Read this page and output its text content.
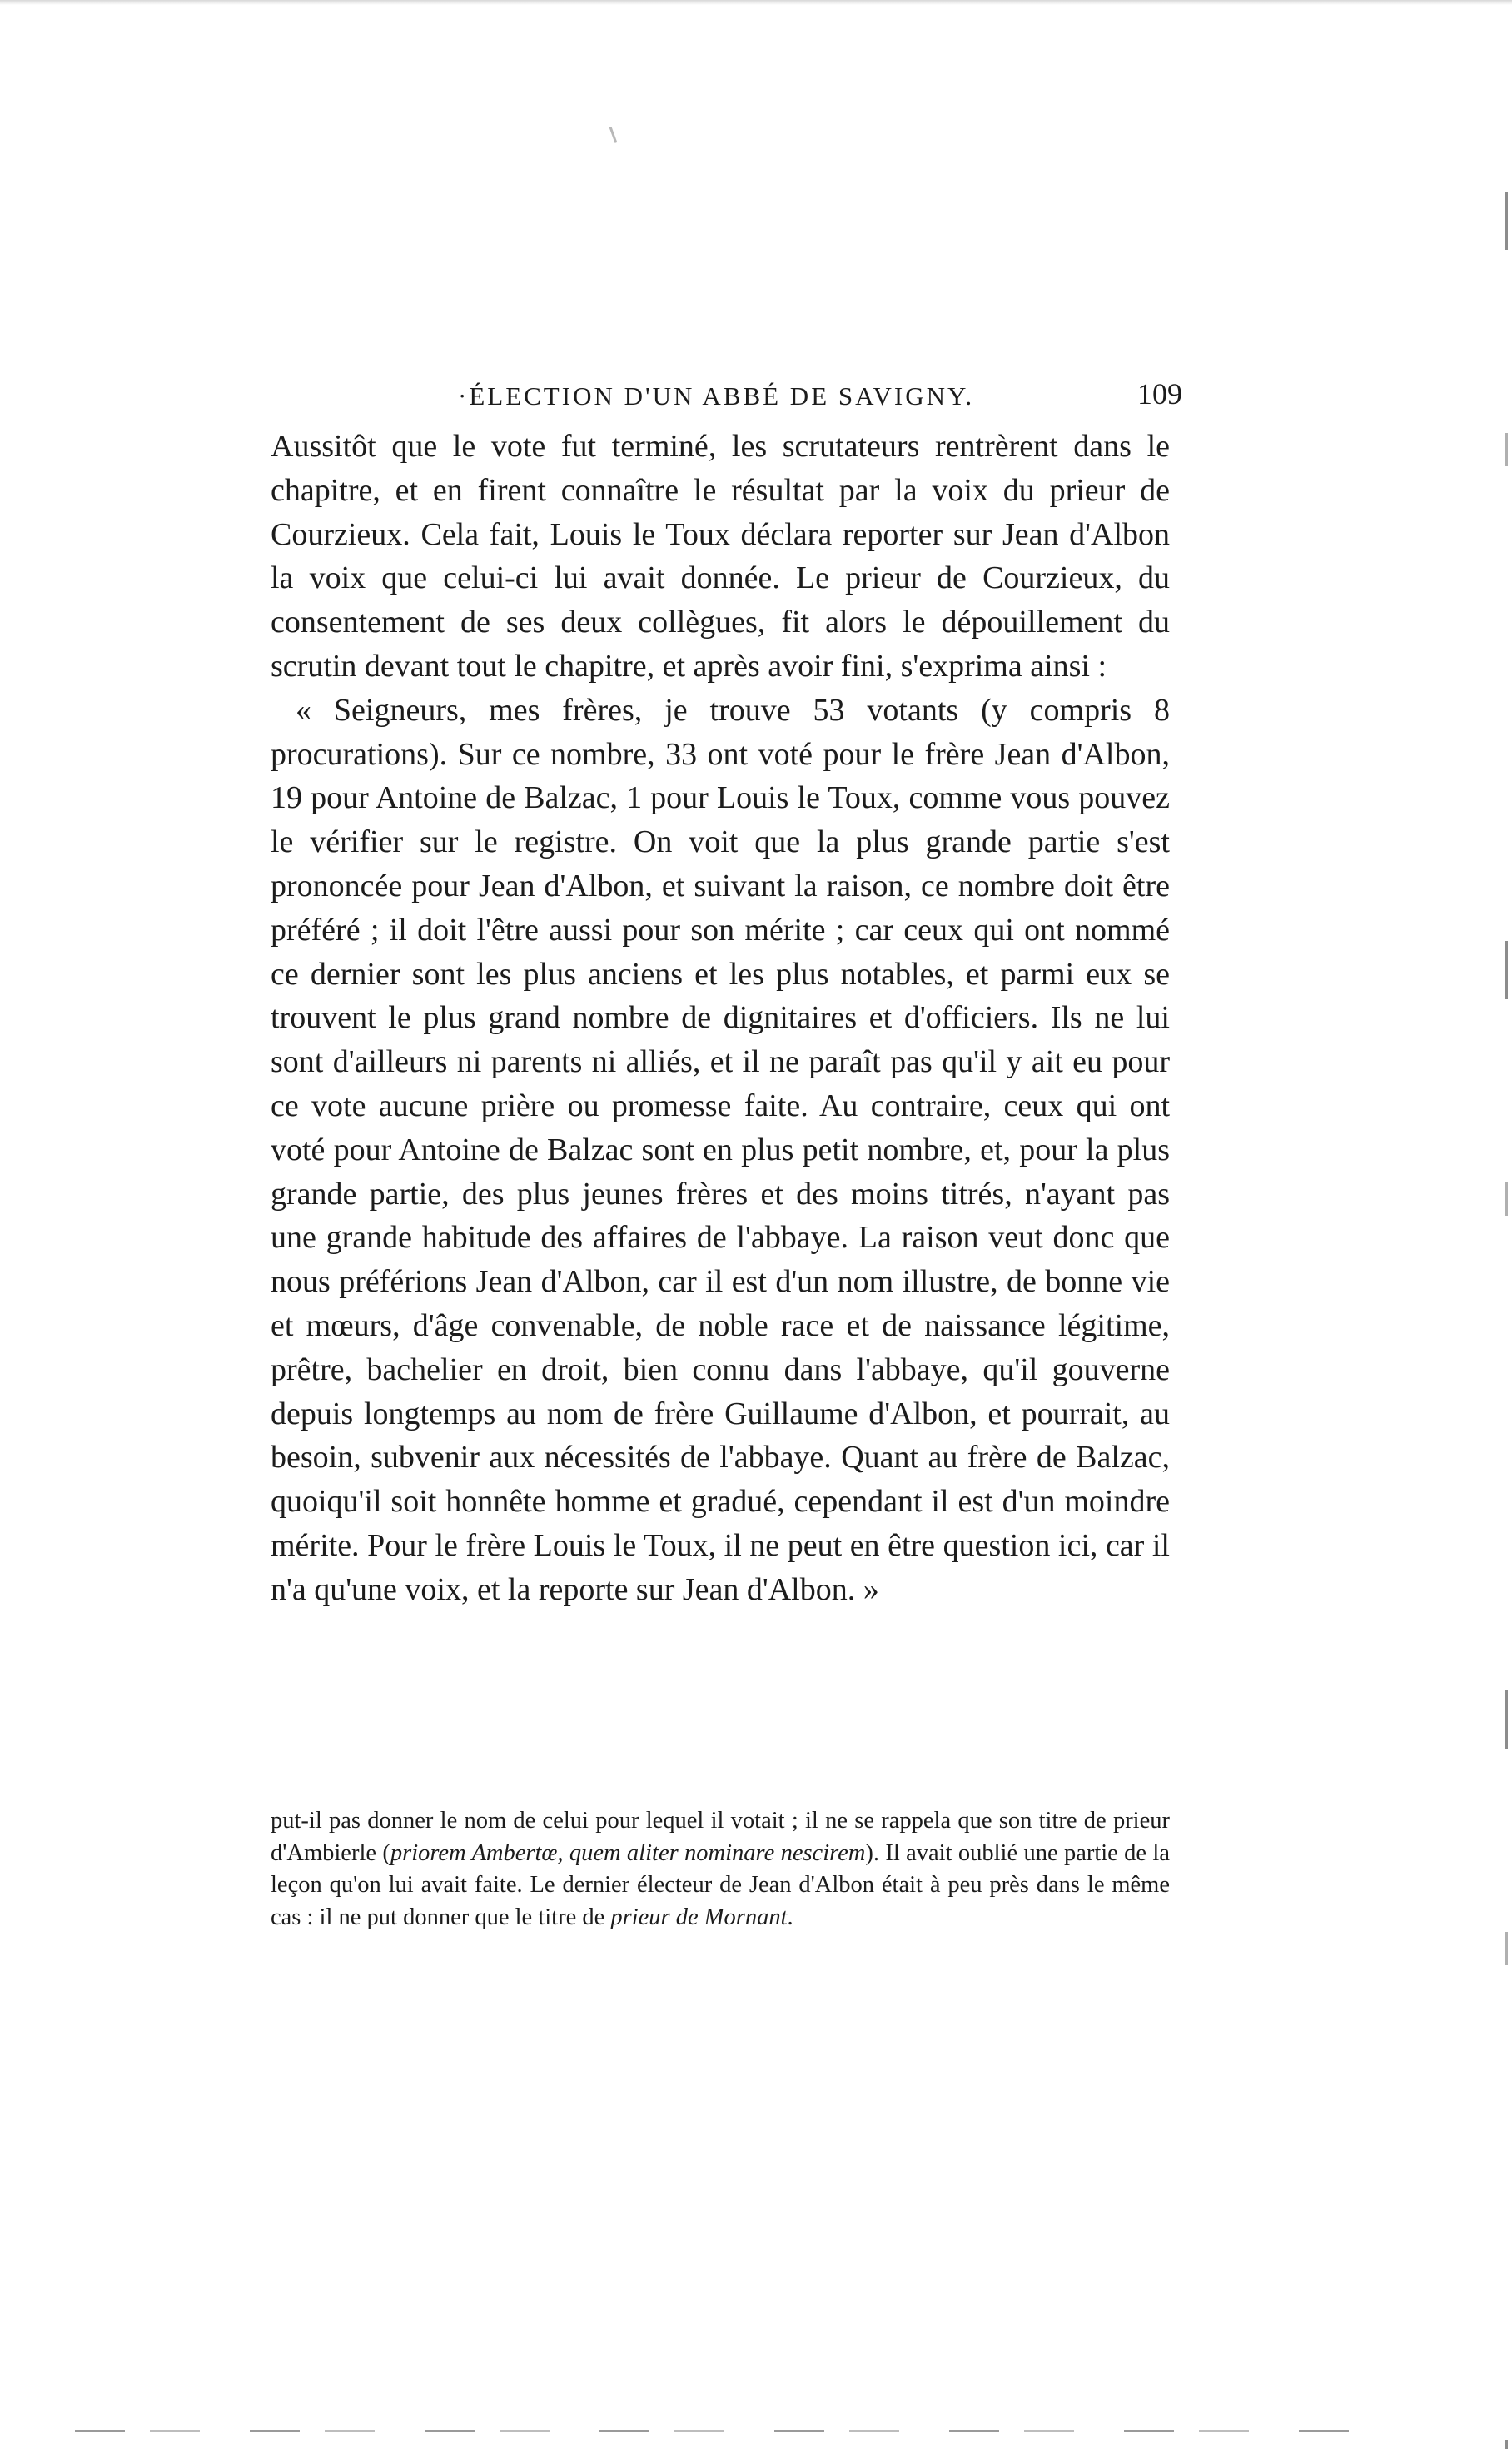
·ÉLECTION D'UN ABBÉ DE SAVIGNY.	109

Aussitôt que le vote fut terminé, les scrutateurs rentrèrent dans le chapitre, et en firent connaître le résultat par la voix du prieur de Courzieux. Cela fait, Louis le Toux déclara reporter sur Jean d'Albon la voix que celui-ci lui avait donnée. Le prieur de Courzieux, du consentement de ses deux collègues, fit alors le dépouillement du scrutin devant tout le chapitre, et après avoir fini, s'exprima ainsi :

« Seigneurs, mes frères, je trouve 53 votants (y compris 8 procurations). Sur ce nombre, 33 ont voté pour le frère Jean d'Albon, 19 pour Antoine de Balzac, 1 pour Louis le Toux, comme vous pouvez le vérifier sur le registre. On voit que la plus grande partie s'est prononcée pour Jean d'Albon, et suivant la raison, ce nombre doit être préféré ; il doit l'être aussi pour son mérite ; car ceux qui ont nommé ce dernier sont les plus anciens et les plus notables, et parmi eux se trouvent le plus grand nombre de dignitaires et d'officiers. Ils ne lui sont d'ailleurs ni parents ni alliés, et il ne paraît pas qu'il y ait eu pour ce vote aucune prière ou promesse faite. Au contraire, ceux qui ont voté pour Antoine de Balzac sont en plus petit nombre, et, pour la plus grande partie, des plus jeunes frères et des moins titrés, n'ayant pas une grande habitude des affaires de l'abbaye. La raison veut donc que nous préférions Jean d'Albon, car il est d'un nom illustre, de bonne vie et mœurs, d'âge convenable, de noble race et de naissance légitime, prêtre, bachelier en droit, bien connu dans l'abbaye, qu'il gouverne depuis longtemps au nom de frère Guillaume d'Albon, et pourrait, au besoin, subvenir aux nécessités de l'abbaye. Quant au frère de Balzac, quoiqu'il soit honnête homme et gradué, cependant il est d'un moindre mérite. Pour le frère Louis le Toux, il ne peut en être question ici, car il n'a qu'une voix, et la reporte sur Jean d'Albon. »

put-il pas donner le nom de celui pour lequel il votait ; il ne se rappela que son titre de prieur d'Ambierle (priorem Ambertœ, quem aliter nominare nescirem). Il avait oublié une partie de la leçon qu'on lui avait faite. Le dernier électeur de Jean d'Albon était à peu près dans le même cas : il ne put donner que le titre de prieur de Mornant.
